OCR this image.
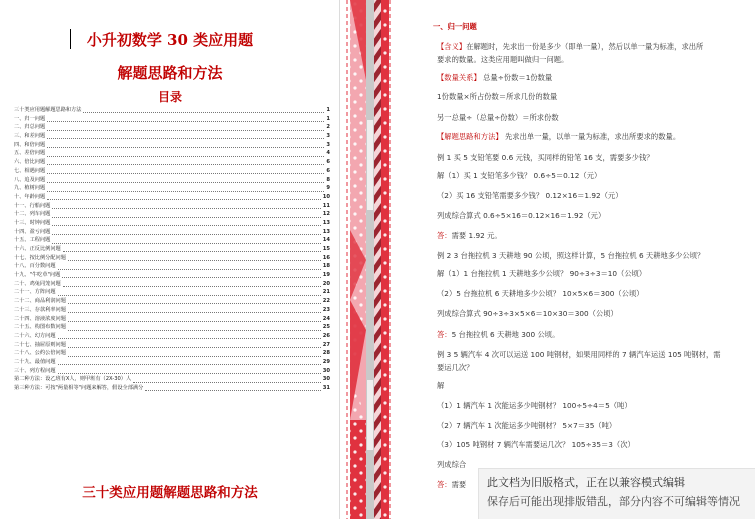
小升初数学 30 类应用题
解题思路和方法
目录
三十类应用题解题思路和方法	1
一、归一问题	1
二、归总问题	2
三、和差问题	3
四、和倍问题	3
五、差倍问题	4
六、倍比问题	6
七、相遇问题	6
八、追及问题	8
九、植树问题	9
十、年龄问题	10
十一、行船问题	11
十二、列车问题	12
十三、时钟问题	13
十四、盈亏问题	13
十五、工程问题	14
十六、正反比例问题	15
十七、按比例分配问题	16
十八、百分数问题	18
十九、"牛吃草"问题	19
二十、鸡兔同笼问题	20
二十一、方阵问题	21
二十二、商品利润问题	22
二十三、存款利率问题	23
二十四、溶液浓度问题	24
二十五、构图布数问题	25
二十六、幻方问题	26
二十七、抽屉原则问题	27
二十八、公约公倍问题	28
二十九、最值问题	29
三十、列方程问题	30
第二种方法：设乙班有X人，则甲班有（2X-30）人	30
第三种方法：可按"两量相等"问题来解答，假设全部满分	31
三十类应用题解题思路和方法
一、归一问题
【含义】在解题时，先求出一份是多少（即单一量），然后以单一量为标准，求出所
要求的数量。这类应用题叫做归一问题。
【数量关系】 总量÷份数＝1份数量
1份数量×所占份数＝所求几份的数量
另一总量÷（总量÷份数）＝所求份数
【解题思路和方法】 先求出单一量，以单一量为标准，求出所要求的数量。
例 1 买 5 支铅笔要 0.6 元钱，买同样的铅笔 16 支，需要多少钱？
解（1）买 1 支铅笔多少钱？ 0.6÷5＝0.12（元）
（2）买 16 支铅笔需要多少钱？ 0.12×16＝1.92（元）
列成综合算式 0.6÷5×16＝0.12×16＝1.92（元）
答：需要 1.92 元。
例 2 3 台拖拉机 3 天耕地 90 公顷，照这样计算，5 台拖拉机 6 天耕地多少公顷？
解（1）1 台拖拉机 1 天耕地多少公顷？ 90÷3÷3＝10（公顷）
（2）5 台拖拉机 6 天耕地多少公顷？ 10×5×6＝300（公顷）
列成综合算式 90÷3÷3×5×6＝10×30＝300（公顷）
答：5 台拖拉机 6 天耕地 300 公顷。
例 3 5 辆汽车 4 次可以运送 100 吨钢材，如果用同样的 7 辆汽车运送 105 吨钢材，需
要运几次？
解
（1）1 辆汽车 1 次能运多少吨钢材？ 100÷5÷4＝5（吨）
（2）7 辆汽车 1 次能运多少吨钢材？ 5×7＝35（吨）
（3）105 吨钢材 7 辆汽车需要运几次？ 105÷35＝3（次）
列成综合
答：需要 此文档为旧版格式，正在以兼容模式编辑
保存后可能出现排版错乱，部分内容不可编辑等情况
